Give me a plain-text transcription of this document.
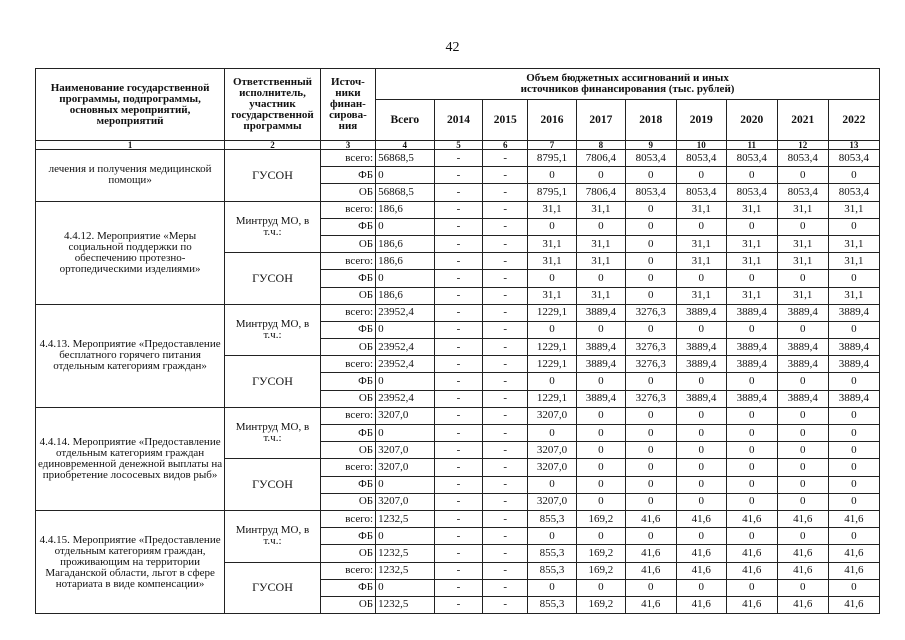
42
Наименование государственной программы, подпрограммы, основных мероприятий, мероприятий	Ответственный исполнитель, участник государственной программы	Источ-
ники
финан-
сирова-
ния	Объем бюджетных ассигнований и иных источников финансирования (тыс. рублей)									
			Всего	2014	2015	2016	2017	2018	2019	2020	2021	2022
1	2	3	4	5	6	7	8	9	10	11	12	13
лечения и получения медицинской помощи»	ГУСОН	всего:	56868,5	-	-	8795,1	7806,4	8053,4	8053,4	8053,4	8053,4	8053,4
		ФБ	0	-	-	0	0	0	0	0	0	0
		ОБ	56868,5	-	-	8795,1	7806,4	8053,4	8053,4	8053,4	8053,4	8053,4
4.4.12. Мероприятие «Меры социальной поддержки по обеспечению протезно-ортопедическими изделиями»	Минтруд МО, в т.ч.:	всего:	186,6	-	-	31,1	31,1	0	31,1	31,1	31,1	31,1
		ФБ	0	-	-	0	0	0	0	0	0	0
		ОБ	186,6	-	-	31,1	31,1	0	31,1	31,1	31,1	31,1
	ГУСОН	всего:	186,6	-	-	31,1	31,1	0	31,1	31,1	31,1	31,1
		ФБ	0	-	-	0	0	0	0	0	0	0
		ОБ	186,6	-	-	31,1	31,1	0	31,1	31,1	31,1	31,1
4.4.13. Мероприятие «Предоставление бесплатного горячего питания отдельным категориям граждан»	Минтруд МО, в т.ч.:	всего:	23952,4	-	-	1229,1	3889,4	3276,3	3889,4	3889,4	3889,4	3889,4
		ФБ	0	-	-	0	0	0	0	0	0	0
		ОБ	23952,4	-	-	1229,1	3889,4	3276,3	3889,4	3889,4	3889,4	3889,4
	ГУСОН	всего:	23952,4	-	-	1229,1	3889,4	3276,3	3889,4	3889,4	3889,4	3889,4
		ФБ	0	-	-	0	0	0	0	0	0	0
		ОБ	23952,4	-	-	1229,1	3889,4	3276,3	3889,4	3889,4	3889,4	3889,4
4.4.14. Мероприятие «Предоставление отдельным категориям граждан единовременной денежной выплаты на приобретение лососевых видов рыб»	Минтруд МО, в т.ч.:	всего:	3207,0	-	-	3207,0	0	0	0	0	0	0
		ФБ	0	-	-	0	0	0	0	0	0	0
		ОБ	3207,0	-	-	3207,0	0	0	0	0	0	0
	ГУСОН	всего:	3207,0	-	-	3207,0	0	0	0	0	0	0
		ФБ	0	-	-	0	0	0	0	0	0	0
		ОБ	3207,0	-	-	3207,0	0	0	0	0	0	0
4.4.15. Мероприятие «Предоставление отдельным категориям граждан, проживающим на территории Магаданской области, льгот в сфере нотариата в виде компенсации»	Минтруд МО, в т.ч.:	всего:	1232,5	-	-	855,3	169,2	41,6	41,6	41,6	41,6	41,6
		ФБ	0	-	-	0	0	0	0	0	0	0
		ОБ	1232,5	-	-	855,3	169,2	41,6	41,6	41,6	41,6	41,6
	ГУСОН	всего:	1232,5	-	-	855,3	169,2	41,6	41,6	41,6	41,6	41,6
		ФБ	0	-	-	0	0	0	0	0	0	0
		ОБ	1232,5	-	-	855,3	169,2	41,6	41,6	41,6	41,6	41,6
